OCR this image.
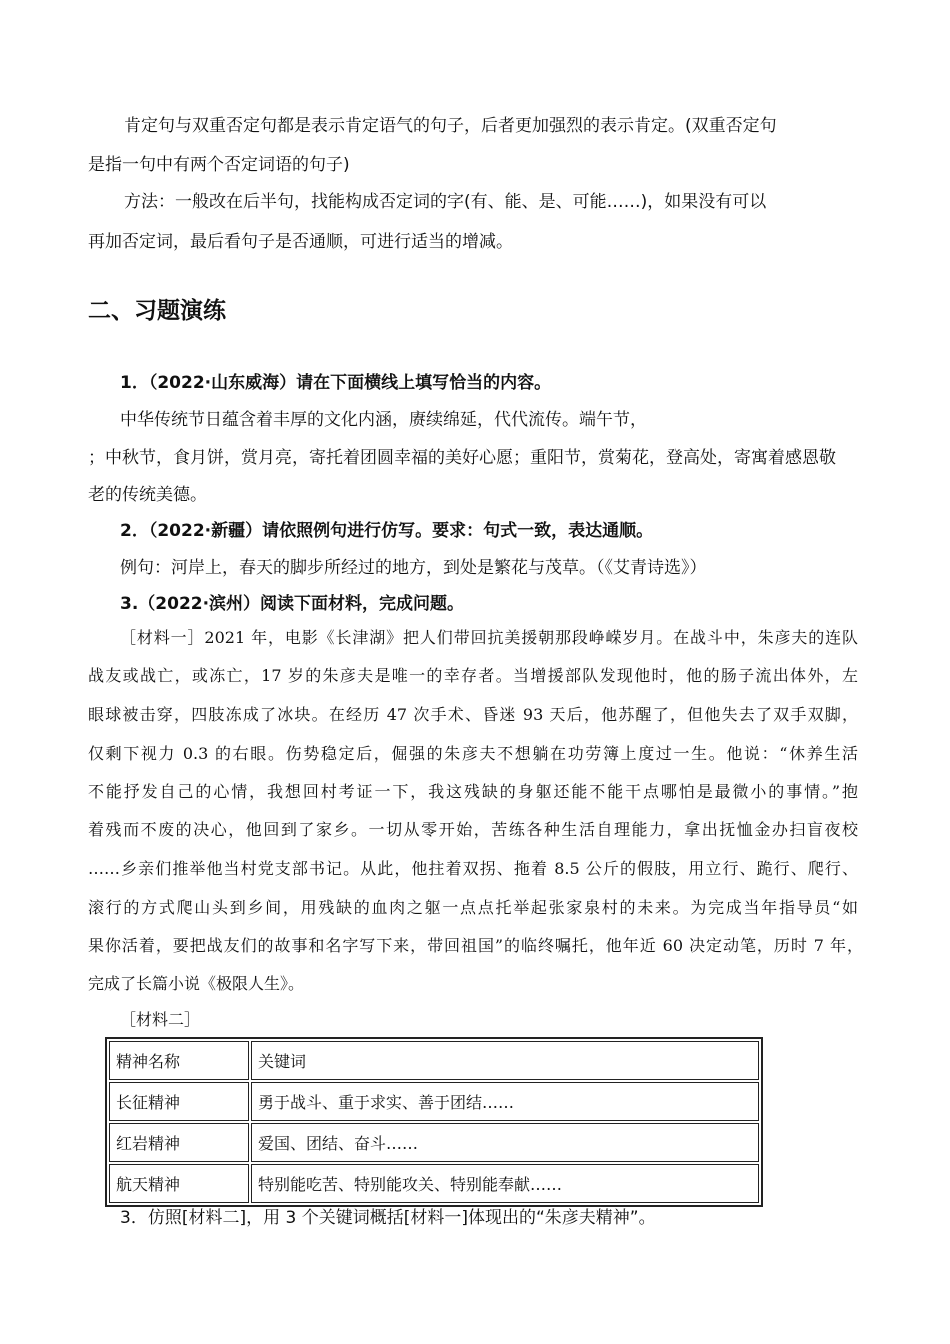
肯定句与双重否定句都是表示肯定语气的句子，后者更加强烈的表示肯定。(双重否定句
是指一句中有两个否定词语的句子)
方法：一般改在后半句，找能构成否定词的字(有、能、是、可能……)，如果没有可以
再加否定词，最后看句子是否通顺，可进行适当的增减。
二、习题演练
1．（2022·山东威海）请在下面横线上填写恰当的内容。
中华传统节日蕴含着丰厚的文化内涵，赓续绵延，代代流传。端午节，
；中秋节，食月饼，赏月亮，寄托着团圆幸福的美好心愿；重阳节，赏菊花，登高处，寄寓着感恩敬
老的传统美德。
2．（2022·新疆）请依照例句进行仿写。要求：句式一致，表达通顺。
例句：河岸上，春天的脚步所经过的地方，到处是繁花与茂草。（《艾青诗选》）
3.（2022·滨州）阅读下面材料，完成问题。
［材料一］2021 年，电影《长津湖》把人们带回抗美援朝那段峥嵘岁月。在战斗中，朱彦夫的连队
战友或战亡，或冻亡，17 岁的朱彦夫是唯一的幸存者。当增援部队发现他时，他的肠子流出体外，左
眼球被击穿，四肢冻成了冰块。在经历 47 次手术、昏迷 93 天后，他苏醒了，但他失去了双手双脚，
仅剩下视力 0.3 的右眼。伤势稳定后，倔强的朱彦夫不想躺在功劳簿上度过一生。他说：“休养生活
不能抒发自己的心情，我想回村考证一下，我这残缺的身躯还能不能干点哪怕是最微小的事情。”抱
着残而不废的决心，他回到了家乡。一切从零开始，苦练各种生活自理能力，拿出抚恤金办扫盲夜校
……乡亲们推举他当村党支部书记。从此，他拄着双拐、拖着 8.5 公斤的假肢，用立行、跪行、爬行、
滚行的方式爬山头到乡间，用残缺的血肉之躯一点点托举起张家泉村的未来。为完成当年指导员“如
果你活着，要把战友们的故事和名字写下来，带回祖国”的临终嘱托，他年近 60 决定动笔，历时 7 年，
完成了长篇小说《极限人生》。
［材料二］
精神名称	关键词
长征精神	勇于战斗、重于求实、善于团结……
红岩精神	爱国、团结、奋斗……
航天精神	特别能吃苦、特别能攻关、特别能奉献……
3．仿照[材料二]，用 3 个关键词概括[材料一]体现出的“朱彦夫精神”。
